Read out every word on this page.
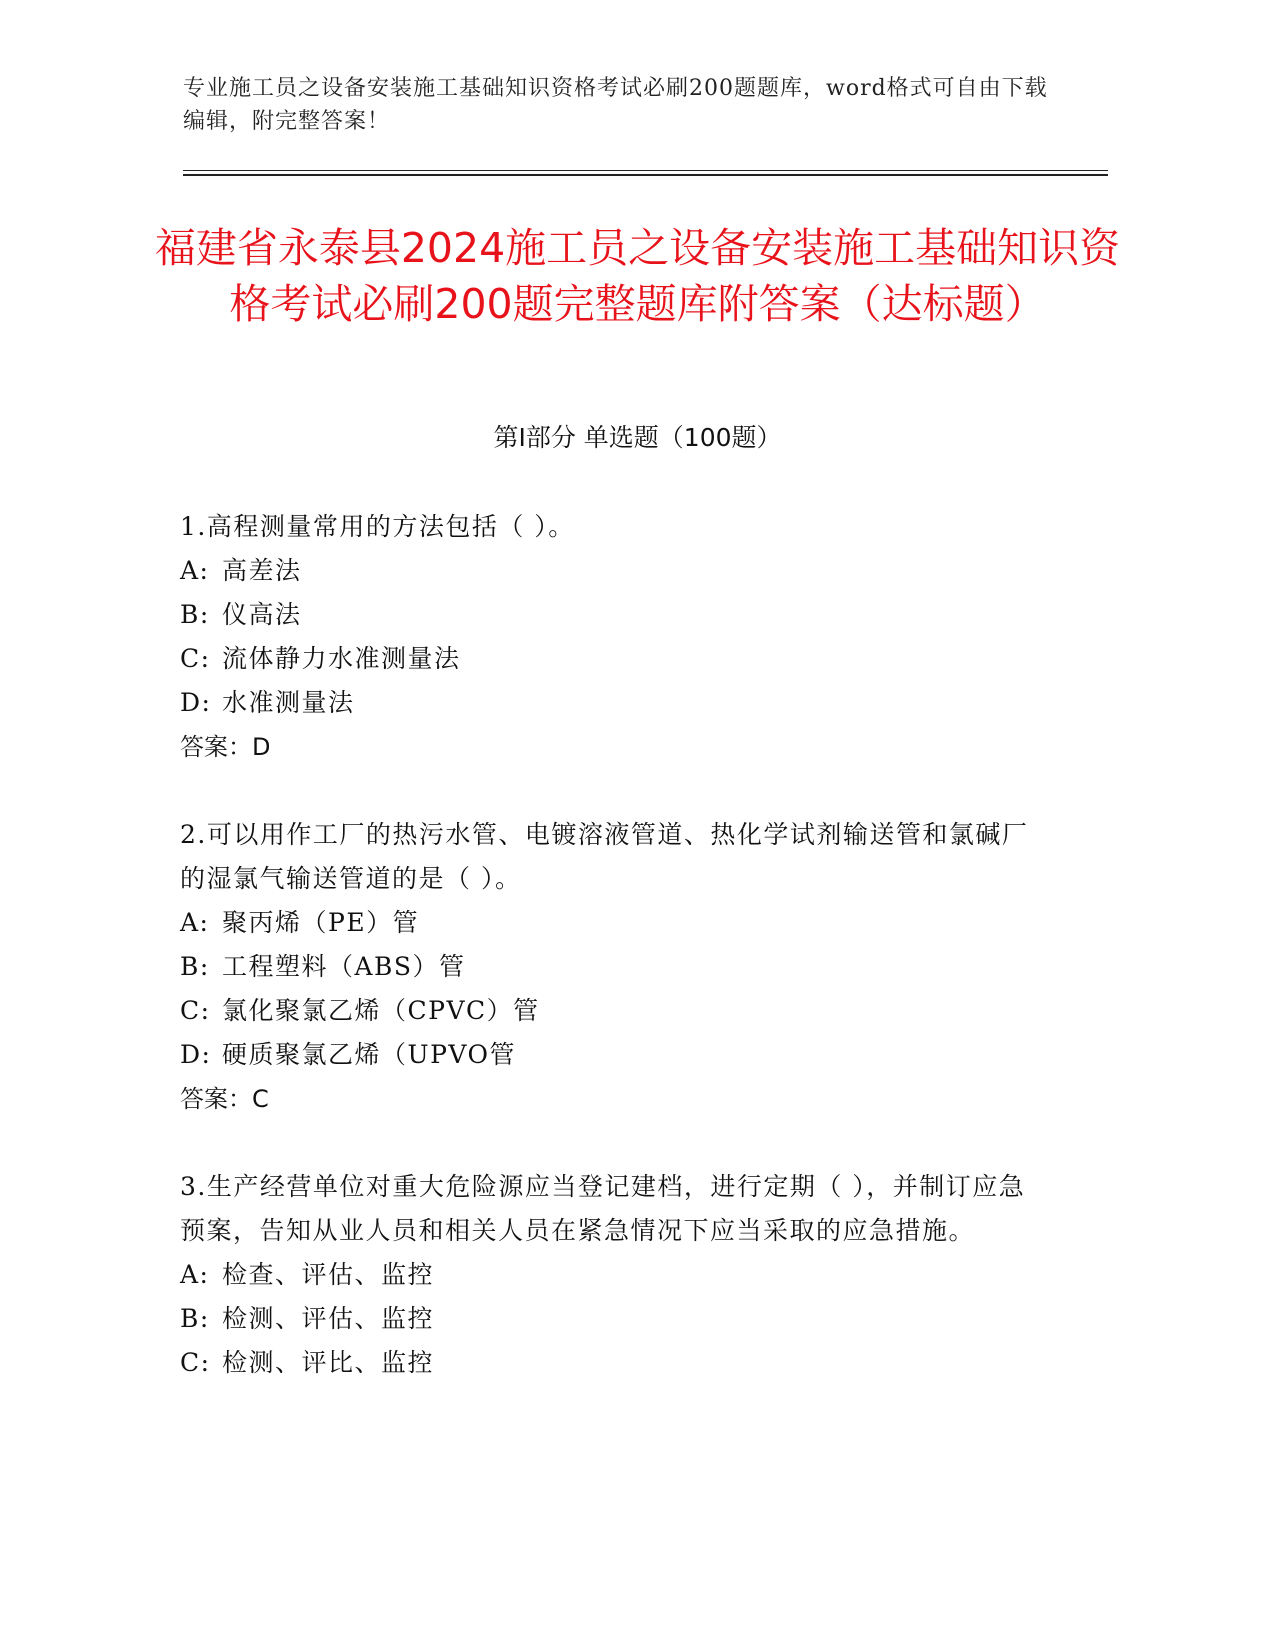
专业施工员之设备安装施工基础知识资格考试必刷200题题库，word格式可自由下载编辑，附完整答案！
福建省永泰县2024施工员之设备安装施工基础知识资格考试必刷200题完整题库附答案（达标题）
第Ⅰ部分 单选题（100题）

1.高程测量常用的方法包括（ ）。

A: 高差法

B: 仪高法

C: 流体静力水准测量法

D: 水准测量法

答案：D

2.可以用作工厂的热污水管、电镀溶液管道、热化学试剂输送管和氯碱厂的湿氯气输送管道的是（ ）。

A: 聚丙烯（PE）管

B: 工程塑料（ABS）管

C: 氯化聚氯乙烯（CPVC）管

D: 硬质聚氯乙烯（UPVO管

答案：C

3.生产经营单位对重大危险源应当登记建档，进行定期（ ），并制订应急预案，告知从业人员和相关人员在紧急情况下应当采取的应急措施。

A: 检查、评估、监控

B: 检测、评估、监控

C: 检测、评比、监控
